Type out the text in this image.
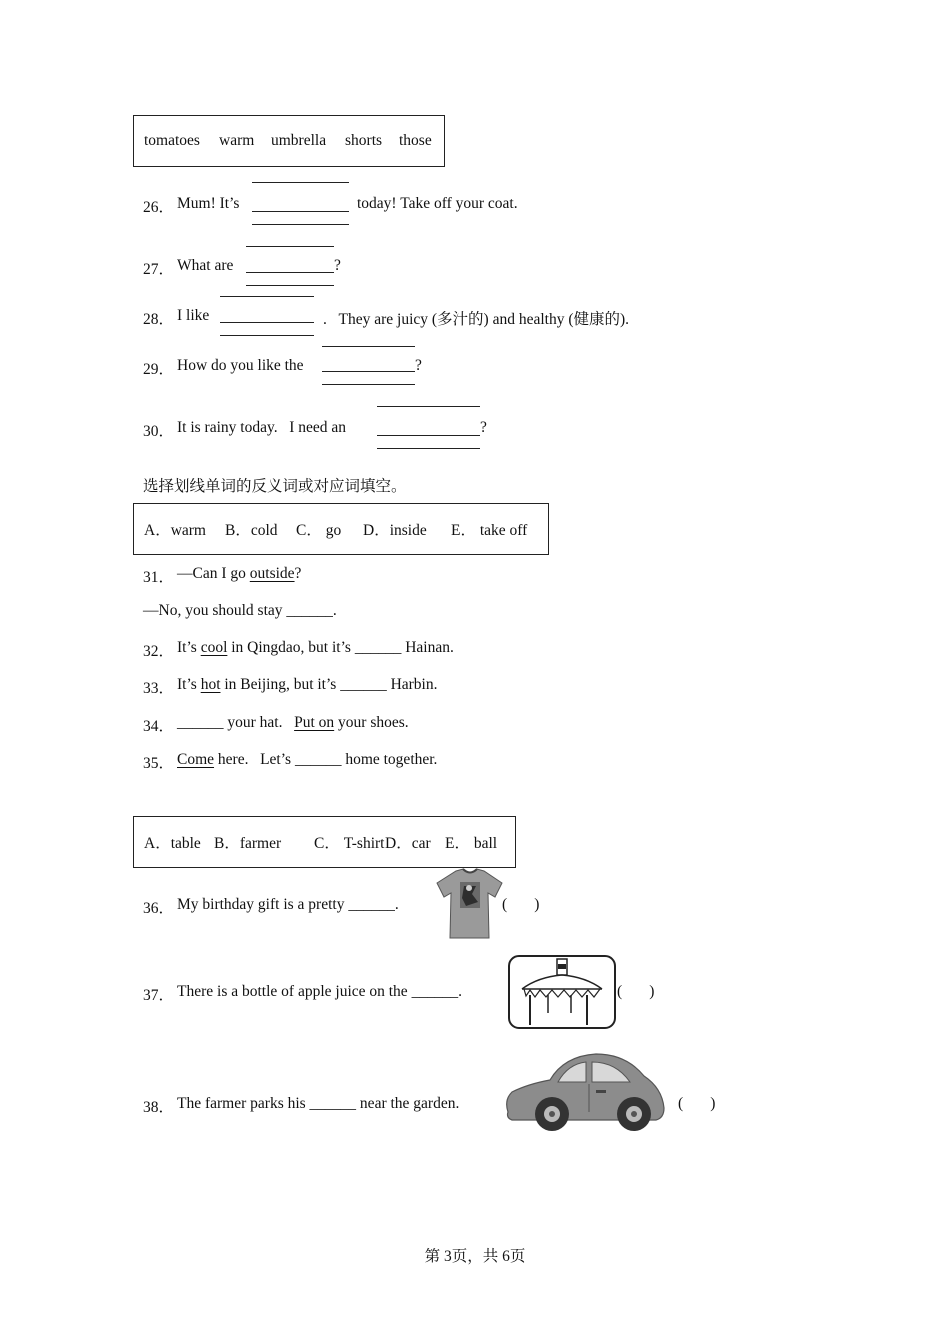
tomatoes warm umbrella shorts those
26． Mum! It’s	today! Take off your coat.
27． What are	?
28． I like	.   They are juicy (多汁的) and healthy (健康的).
29． How do you like the	?
30． It is rainy today.   I need an	?
选择划线单词的反义词或对应词填空。
A．warm B．cold C． go D．inside E． take off
31． —Can I go outside?
—No, you should stay ______.
32． It’s cool in Qingdao, but it’s ______ Hainan.
33． It’s hot in Beijing, but it’s ______ Harbin.
34． ______ your hat.   Put on your shoes.
35． Come here.   Let’s ______ home together.
A．table B．farmer C． T-shirt D．car E． ball
36． My birthday gift is a pretty ______.	(       )
37． There is a bottle of apple juice on the ______.	(       )
38． The farmer parks his ______ near the garden.	(       )
第 3页，共 6页
